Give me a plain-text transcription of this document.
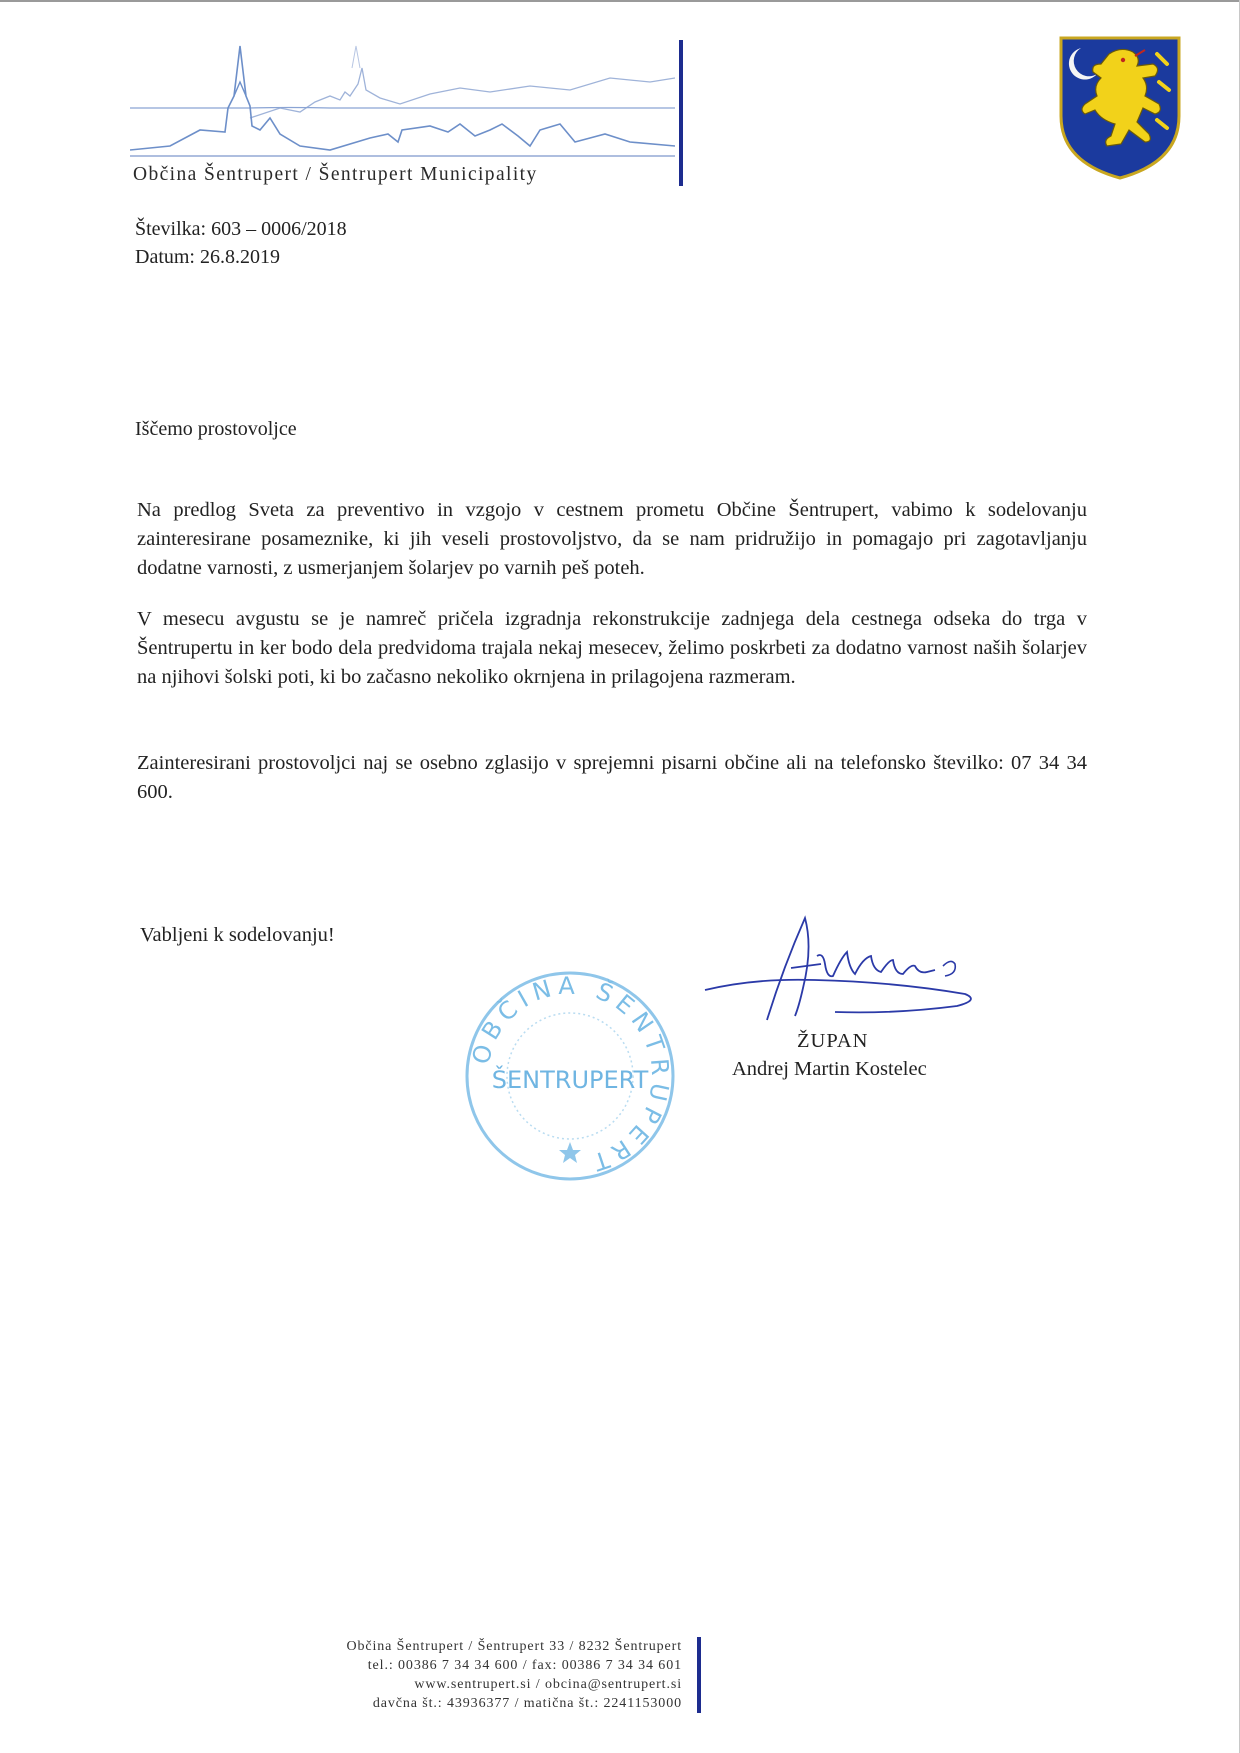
Občina Šentrupert / Šentrupert Municipality
Številka: 603 – 0006/2018
Datum: 26.8.2019
Iščemo prostovoljce

Na predlog Sveta za preventivo in vzgojo v cestnem prometu Občine Šentrupert, vabimo k sodelovanju zainteresirane posameznike, ki jih veseli prostovoljstvo, da se nam pridružijo in pomagajo pri zagotavljanju dodatne varnosti, z usmerjanjem šolarjev po varnih peš poteh.

V mesecu avgustu se je namreč pričela izgradnja rekonstrukcije zadnjega dela cestnega odseka do trga v Šentrupertu in ker bodo dela predvidoma trajala nekaj mesecev, želimo poskrbeti za dodatno varnost naših šolarjev na njihovi šolski poti, ki bo začasno nekoliko okrnjena in prilagojena razmeram.

Zainteresirani prostovoljci naj se osebno zglasijo v sprejemni pisarni občine ali na telefonsko številko: 07 34 34 600.

Vabljeni k sodelovanju!
OBČINA ŠENTRUPERT
ŠENTRUPERT
ŽUPAN
Andrej Martin Kostelec
Občina Šentrupert / Šentrupert 33 / 8232 Šentrupert
tel.: 00386 7 34 34 600 / fax: 00386 7 34 34 601
www.sentrupert.si / obcina@sentrupert.si
davčna št.: 43936377 / matična št.: 2241153000
